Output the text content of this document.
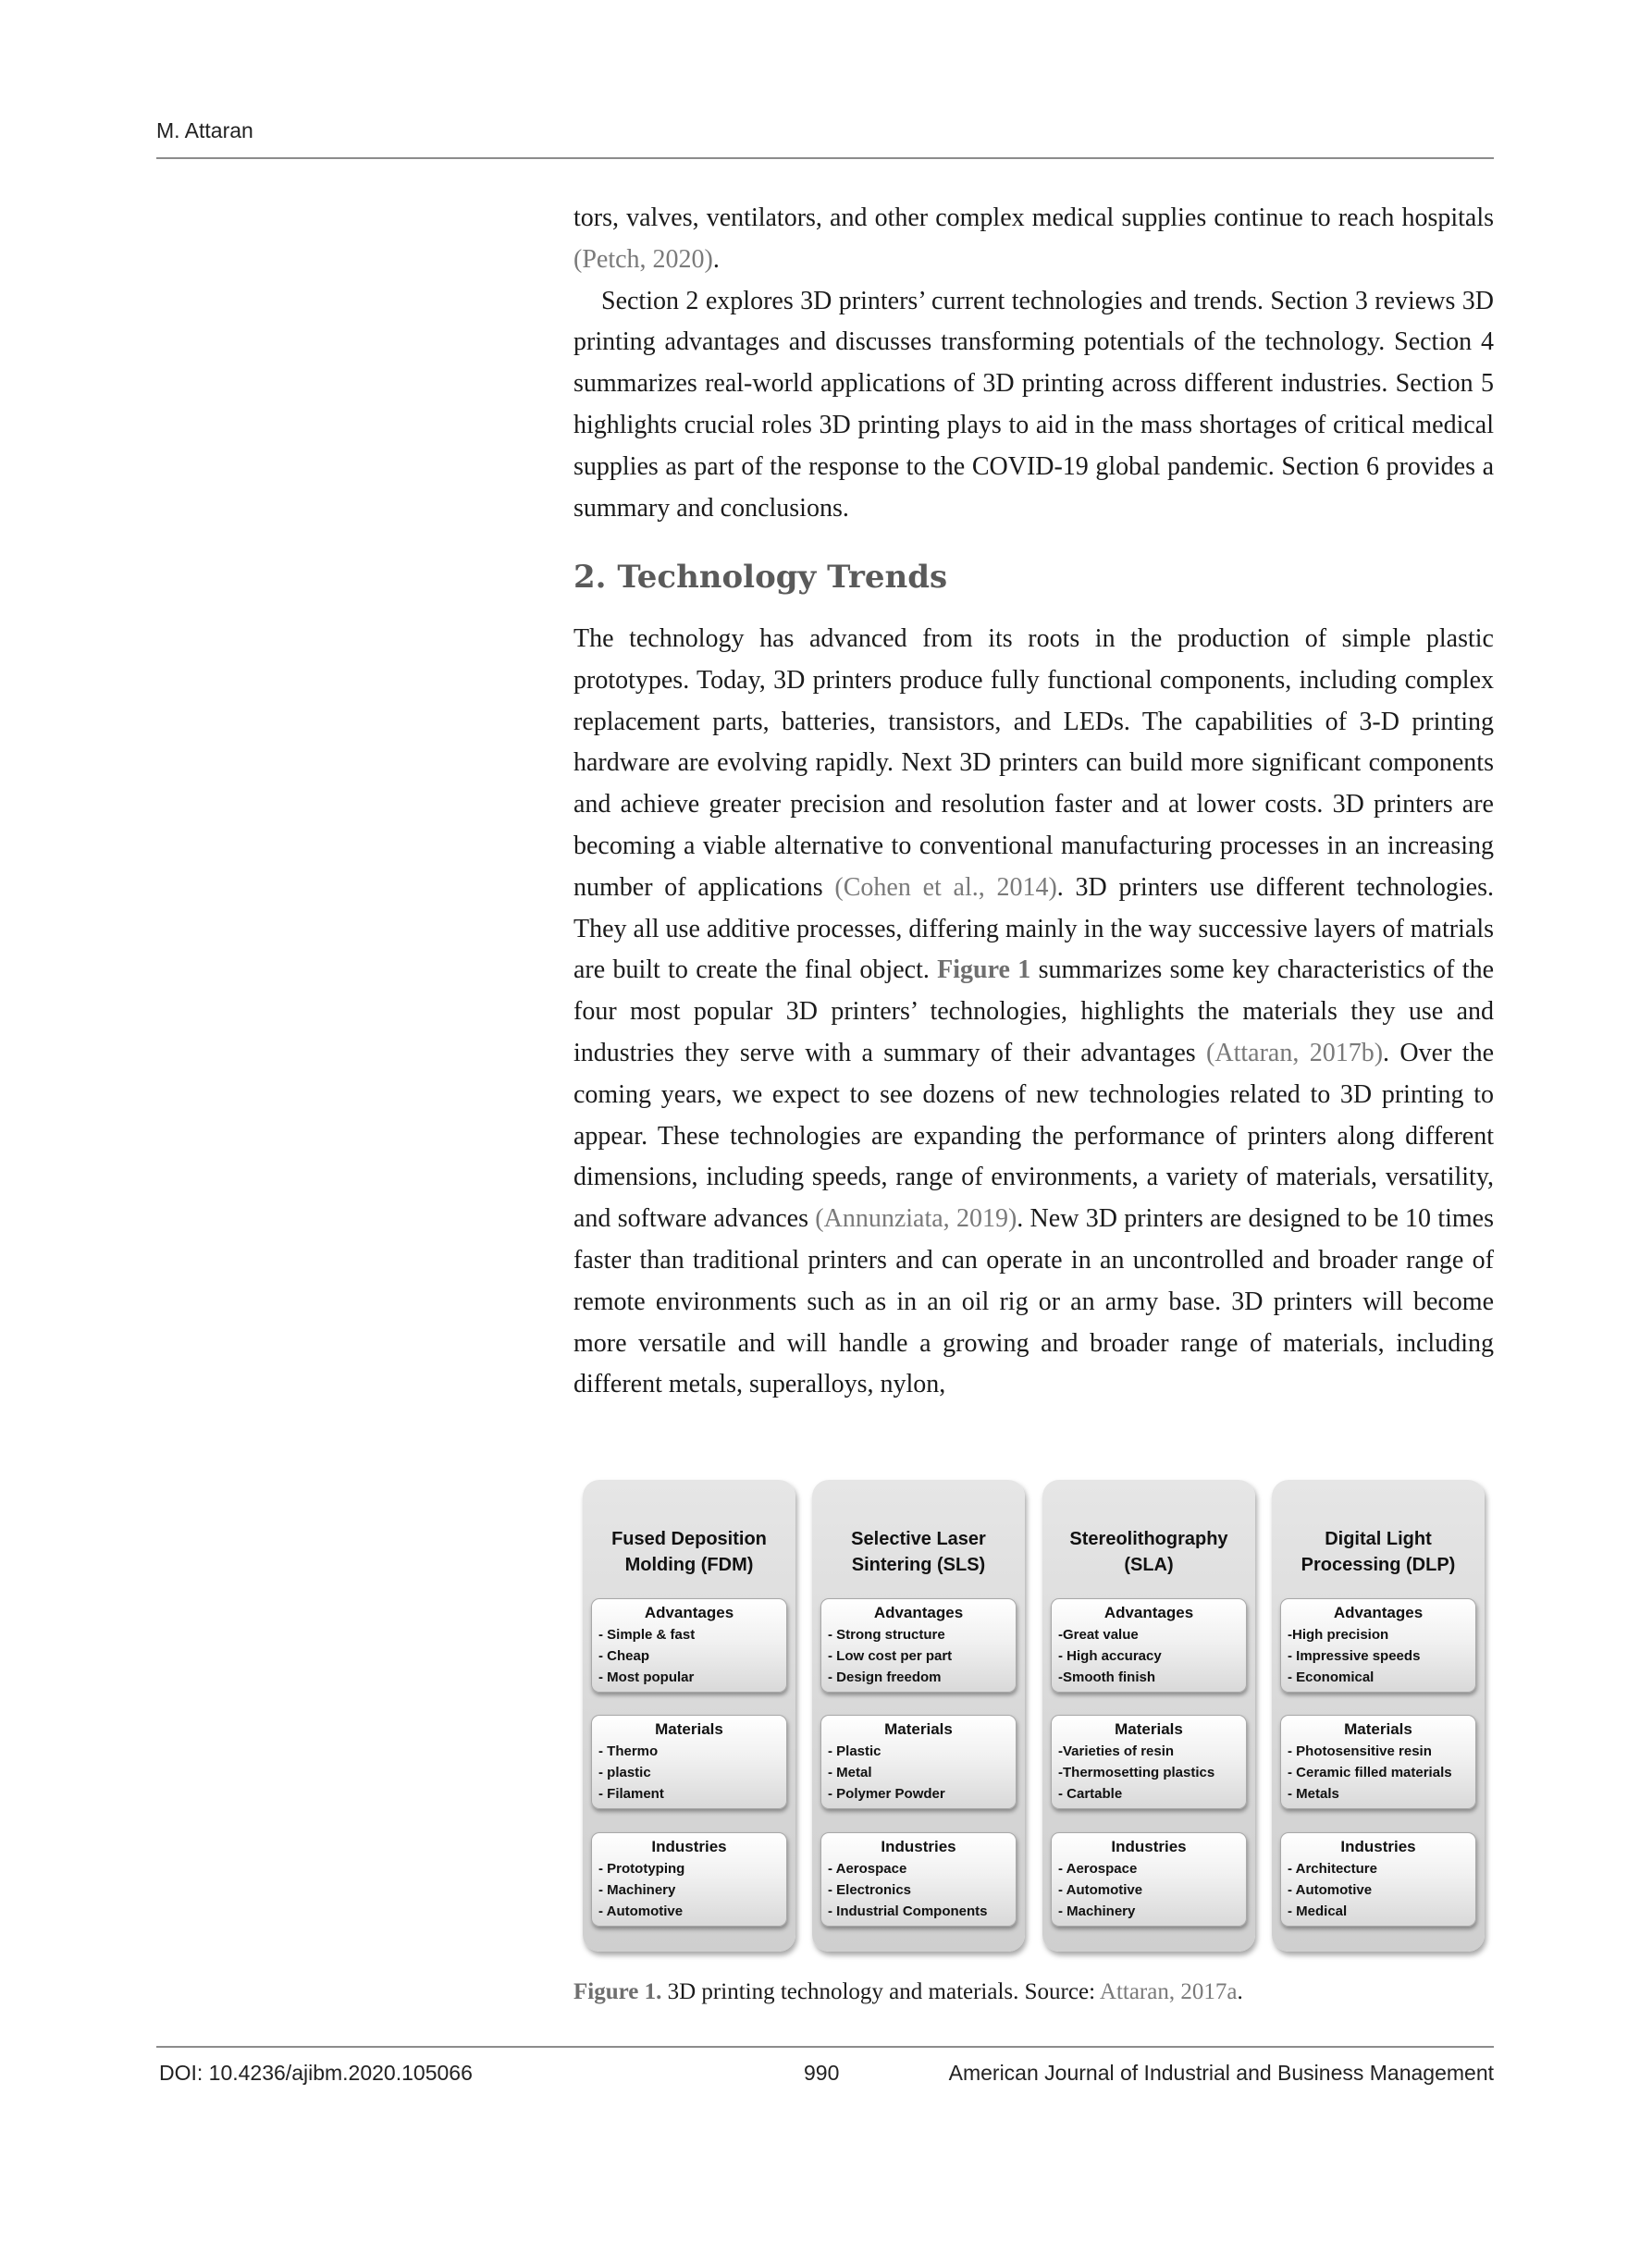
M. Attaran

tors, valves, ventilators, and other complex medical supplies continue to reach hospitals (Petch, 2020).

Section 2 explores 3D printers’ current technologies and trends. Section 3 reviews 3D printing advantages and discusses transforming potentials of the technology. Section 4 summarizes real-world applications of 3D printing across different industries. Section 5 highlights crucial roles 3D printing plays to aid in the mass shortages of critical medical supplies as part of the response to the COVID-19 global pandemic. Section 6 provides a summary and conclusions.

2. Technology Trends

The technology has advanced from its roots in the production of simple plastic prototypes. Today, 3D printers produce fully functional components, including complex replacement parts, batteries, transistors, and LEDs. The capabilities of 3-D printing hardware are evolving rapidly. Next 3D printers can build more significant components and achieve greater precision and resolution faster and at lower costs. 3D printers are becoming a viable alternative to conventional manufacturing processes in an increasing number of applications (Cohen et al., 2014). 3D printers use different technologies. They all use additive processes, differing mainly in the way successive layers of matrials are built to create the final object. Figure 1 summarizes some key characteristics of the four most popular 3D printers’ technologies, highlights the materials they use and industries they serve with a summary of their advantages (Attaran, 2017b). Over the coming years, we expect to see dozens of new technologies related to 3D printing to appear. These technologies are expanding the performance of printers along different dimensions, including speeds, range of environments, a variety of materials, versatility, and software advances (Annunziata, 2019). New 3D printers are designed to be 10 times faster than traditional printers and can operate in an uncontrolled and broader range of remote environments such as in an oil rig or an army base. 3D printers will become more versatile and will handle a growing and broader range of materials, including different metals, superalloys, nylon,

Fused Deposition Molding (FDM)
Advantages
- Simple & fast
- Cheap
- Most popular
Materials
- Thermo
- plastic
- Filament
Industries
- Prototyping
- Machinery
- Automotive
Selective Laser Sintering (SLS)
Advantages
- Strong structure
- Low cost per part
- Design freedom
Materials
- Plastic
- Metal
- Polymer Powder
Industries
- Aerospace
- Electronics
- Industrial Components
Stereolithography (SLA)
Advantages
-Great value
- High accuracy
-Smooth finish
Materials
-Varieties of resin
-Thermosetting plastics
- Cartable
Industries
- Aerospace
- Automotive
- Machinery
Digital Light Processing (DLP)
Advantages
-High precision
- Impressive speeds
- Economical
Materials
- Photosensitive resin
- Ceramic filled materials
- Metals
Industries
- Architecture
- Automotive
- Medical
Figure 1. 3D printing technology and materials. Source: Attaran, 2017a.
DOI: 10.4236/ajibm.2020.105066	990	American Journal of Industrial and Business Management
